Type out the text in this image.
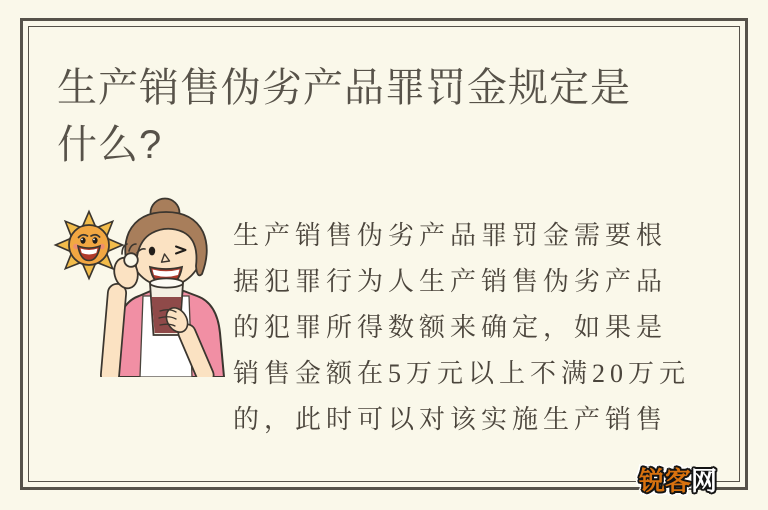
生产销售伪劣产品罪罚金规定是
什么?
生产销售伪劣产品罪罚金需要根
据犯罪行为人生产销售伪劣产品
的犯罪所得数额来确定，如果是
销售金额在5万元以上不满20万元
的，此时可以对该实施生产销售
锐客网
